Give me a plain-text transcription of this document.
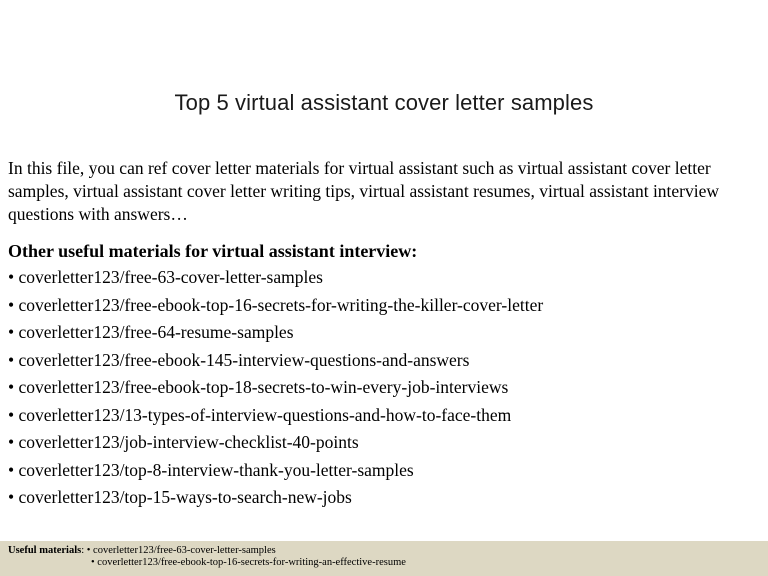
Top 5 virtual assistant cover letter samples

In this file, you can ref cover letter materials for virtual assistant such as virtual assistant cover letter samples, virtual assistant cover letter writing tips, virtual assistant resumes, virtual assistant interview questions with answers…

Other useful materials for virtual assistant interview:
• coverletter123/free-63-cover-letter-samples
• coverletter123/free-ebook-top-16-secrets-for-writing-the-killer-cover-letter
• coverletter123/free-64-resume-samples
• coverletter123/free-ebook-145-interview-questions-and-answers
• coverletter123/free-ebook-top-18-secrets-to-win-every-job-interviews
• coverletter123/13-types-of-interview-questions-and-how-to-face-them
• coverletter123/job-interview-checklist-40-points
• coverletter123/top-8-interview-thank-you-letter-samples
• coverletter123/top-15-ways-to-search-new-jobs
Useful materials: • coverletter123/free-63-cover-letter-samples
• coverletter123/free-ebook-top-16-secrets-for-writing-an-effective-resume
